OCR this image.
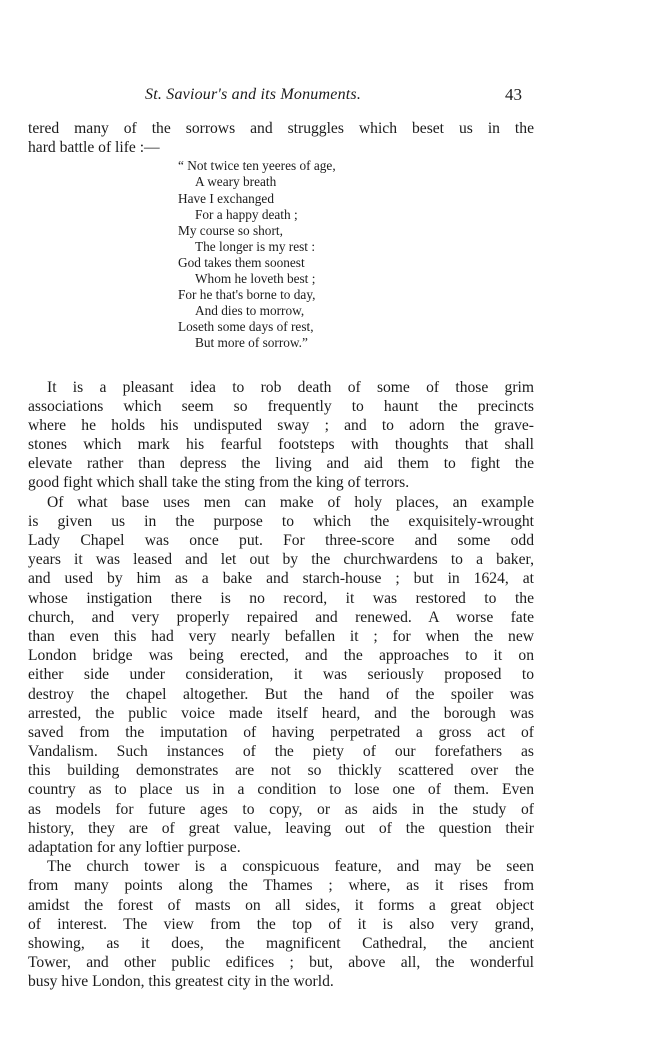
St. Saviour's and its Monuments.	43
tered many of the sorrows and struggles which beset us in the
hard battle of life :—
“ Not twice ten yeeres of age,
A weary breath
Have I exchanged
For a happy death ;
My course so short,
The longer is my rest :
God takes them soonest
Whom he loveth best ;
For he that's borne to day,
And dies to morrow,
Loseth some days of rest,
But more of sorrow.”
It is a pleasant idea to rob death of some of those grim
associations which seem so frequently to haunt the precincts
where he holds his undisputed sway ; and to adorn the grave-
stones which mark his fearful footsteps with thoughts that shall
elevate rather than depress the living and aid them to fight the
good fight which shall take the sting from the king of terrors.
Of what base uses men can make of holy places, an example
is given us in the purpose to which the exquisitely-wrought
Lady Chapel was once put. For three-score and some odd
years it was leased and let out by the churchwardens to a baker,
and used by him as a bake and starch-house ; but in 1624, at
whose instigation there is no record, it was restored to the
church, and very properly repaired and renewed. A worse fate
than even this had very nearly befallen it ; for when the new
London bridge was being erected, and the approaches to it on
either side under consideration, it was seriously proposed to
destroy the chapel altogether. But the hand of the spoiler was
arrested, the public voice made itself heard, and the borough was
saved from the imputation of having perpetrated a gross act of
Vandalism. Such instances of the piety of our forefathers as
this building demonstrates are not so thickly scattered over the
country as to place us in a condition to lose one of them. Even
as models for future ages to copy, or as aids in the study of
history, they are of great value, leaving out of the question their
adaptation for any loftier purpose.
The church tower is a conspicuous feature, and may be seen
from many points along the Thames ; where, as it rises from
amidst the forest of masts on all sides, it forms a great object
of interest. The view from the top of it is also very grand,
showing, as it does, the magnificent Cathedral, the ancient
Tower, and other public edifices ; but, above all, the wonderful
busy hive London, this greatest city in the world.
